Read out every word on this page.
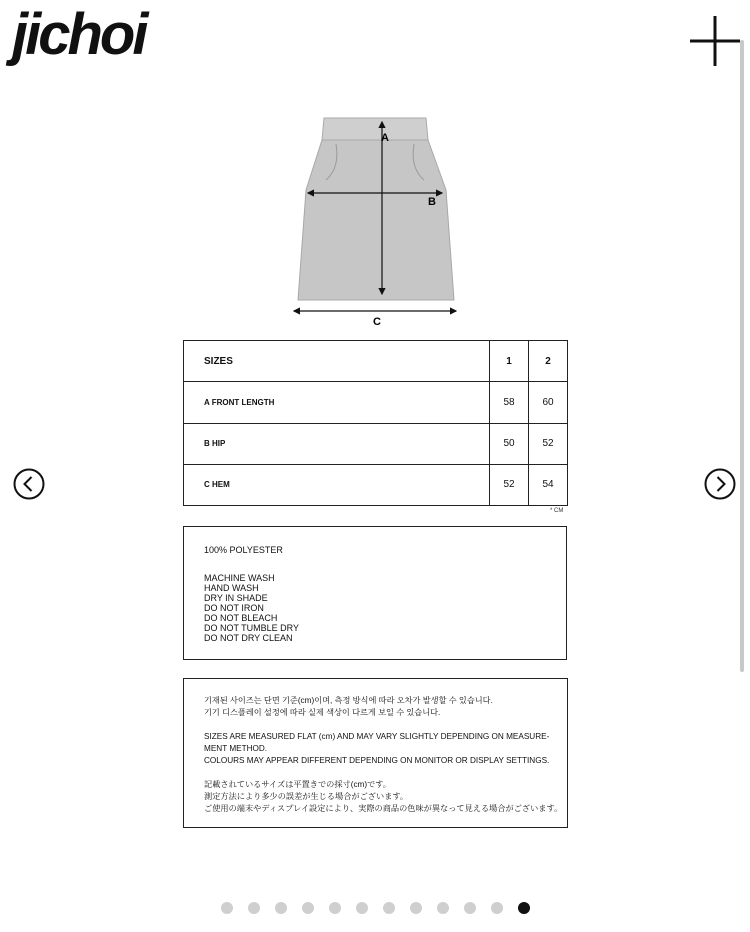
jichoi
A
B
C
SIZES	1	2
A FRONT LENGTH	58	60
B HIP	50	52
C HEM	52	54
* CM
100% POLYESTER
MACHINE WASH
HAND WASH
DRY IN SHADE
DO NOT IRON
DO NOT BLEACH
DO NOT TUMBLE DRY
DO NOT DRY CLEAN
기재된 사이즈는 단면 기준(cm)이며, 측정 방식에 따라 오차가 발생할 수 있습니다.
기기 디스플레이 설정에 따라 실제 색상이 다르게 보일 수 있습니다.
SIZES ARE MEASURED FLAT (cm) AND MAY VARY SLIGHTLY DEPENDING ON MEASURE-
MENT METHOD.
COLOURS MAY APPEAR DIFFERENT DEPENDING ON MONITOR OR DISPLAY SETTINGS.
記載されているサイズは平置きでの採寸(cm)です。
測定方法により多少の誤差が生じる場合がございます。
ご使用の端末やディスプレイ設定により、実際の商品の色味が異なって見える場合がございます。
